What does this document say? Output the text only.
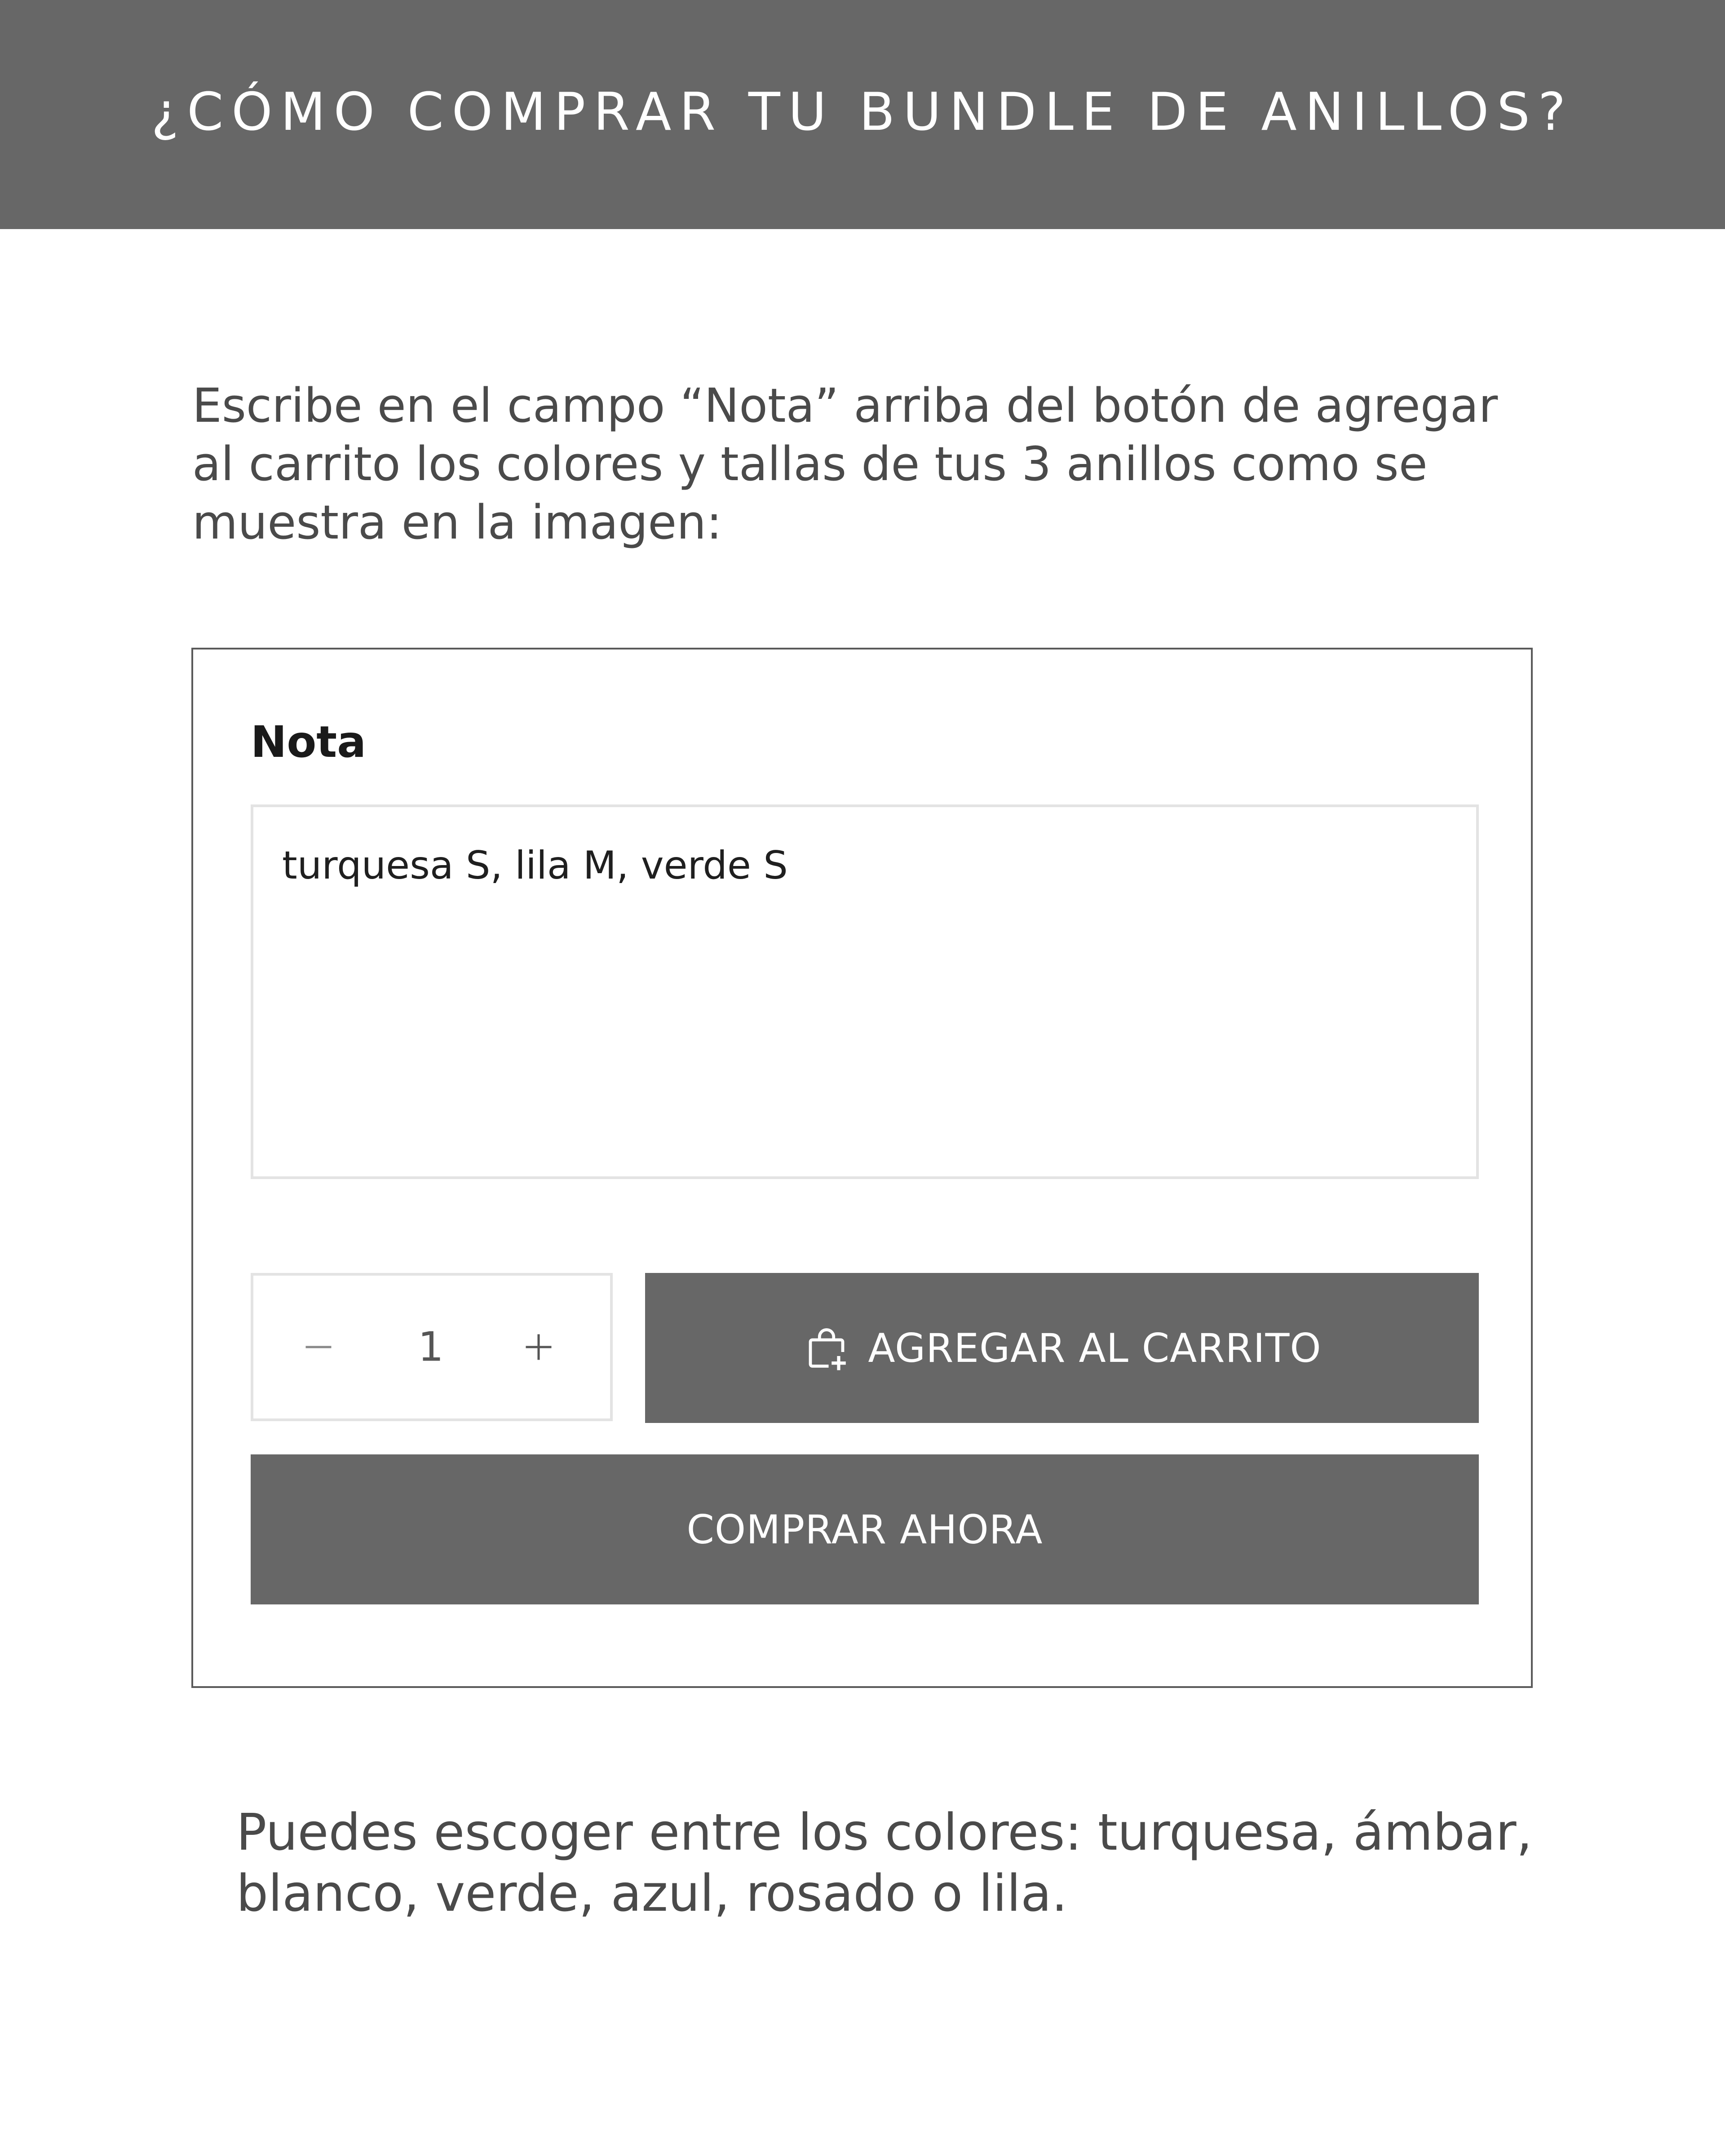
¿CÓMO COMPRAR TU BUNDLE DE ANILLOS?
Escribe en el campo “Nota” arriba del botón de agregar al carrito los colores y tallas de tus 3 anillos como se muestra en la imagen:
Nota
turquesa S, lila M, verde S
1	AGREGAR AL CARRITO
COMPRAR AHORA
Puedes escoger entre los colores: turquesa, ámbar, blanco, verde, azul, rosado o lila.
